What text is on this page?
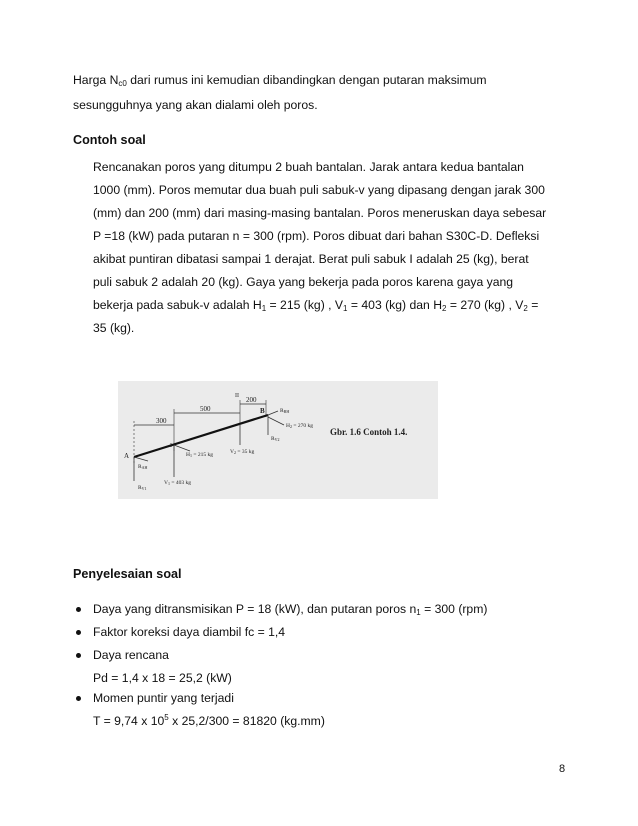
Harga $N_{c0}$ dari rumus ini kemudian dibandingkan dengan putaran maksimum
sesungguhnya yang akan dialami oleh poros.
Contoh soal
Rencanakan poros yang ditumpu 2 buah bantalan. Jarak antara kedua bantalan
1000 (mm). Poros memutar dua buah puli sabuk-v yang dipasang dengan jarak 300
(mm) dan 200 (mm) dari masing-masing bantalan. Poros meneruskan daya sebesar
P =18 (kW) pada putaran n = 300 (rpm). Poros dibuat dari bahan S30C-D. Defleksi
akibat puntiran dibatasi sampai 1 derajat. Berat puli sabuk I adalah 25 (kg), berat
puli sabuk 2 adalah 20 (kg). Gaya yang bekerja pada poros karena gaya yang
bekerja pada sabuk-v adalah $H_1 = 215$ (kg) , $V_1 = 403$ (kg) dan $H_2 = 270$ (kg) , $V_2$ =
35 (kg).
300
500
200
A
I
II
B
RAH
RV1
H1 = 215 kg
V1 = 403 kg
V2 = 35 kg
RBH
H2 = 270 kg
RV2
Gbr. 1.6 Contoh 1.4.
Penyelesaian soal
Daya yang ditransmisikan P = 18 (kW), dan putaran poros $n_1 = 300$ (rpm)
Faktor koreksi daya diambil fc = 1,4
Daya rencana
Pd = 1,4 x 18 = 25,2 (kW)
Momen puntir yang terjadi
T = 9,74 x $10^5$ x 25,2/300 = 81820 (kg.mm)
8
